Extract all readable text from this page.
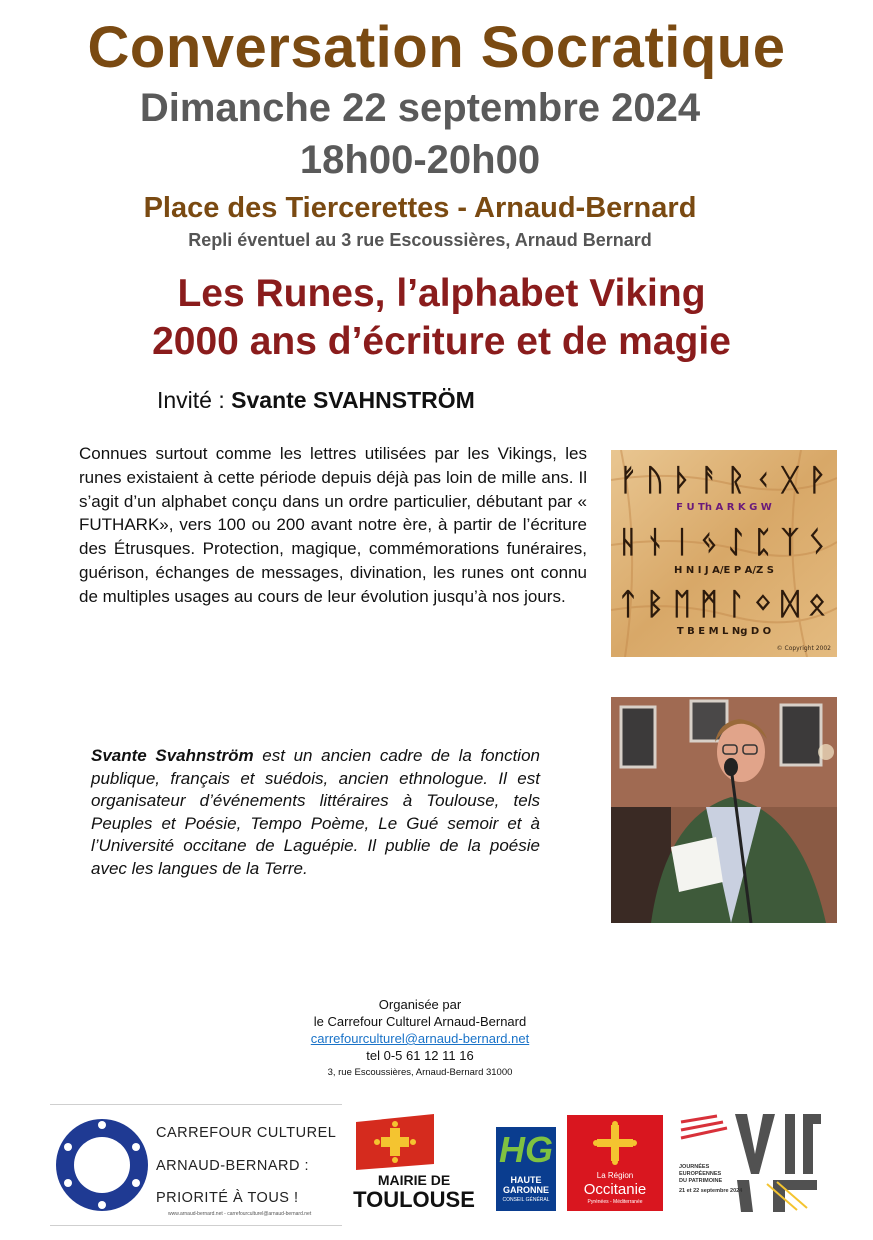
Conversation Socratique
Dimanche 22 septembre 2024
18h00-20h00
Place des Tiercerettes - Arnaud-Bernard
Repli éventuel au 3 rue Escoussières, Arnaud Bernard
Les Runes, l’alphabet Viking
2000 ans d’écriture et de magie
Invité : Svante SVAHNSTRÖM
Connues surtout comme les lettres utilisées par les Vikings, les runes existaient à cette période depuis déjà pas loin de mille ans. Il s’agit d’un alphabet conçu dans un ordre particulier, débutant par « FUTHARK», vers 100 ou 200 avant notre ère, à partir de l’écriture des Étrusques. Protection, magique, commémorations funéraires, guérison, échanges de messages, divination, les runes ont connu de multiples usages au cours de leur évolution jusqu’à nos jours.
Svante Svahnström est un ancien cadre de la fonction publique, français et suédois, ancien ethnologue. Il est organisateur d’événements littéraires à Toulouse, tels Peuples et Poésie, Tempo Poème, Le Gué semoir et à l’Université occitane de Laguépie. Il publie de la poésie avec les langues de la Terre.
ᚠ ᚢ ᚦ ᚨ ᚱ ᚲ ᚷ ᚹ
F U Th A R K G W
ᚺ ᚾ ᛁ ᛃ ᛇ ᛈ ᛉ ᛊ
H N I J A/E P A/Z S
ᛏ ᛒ ᛖ ᛗ ᛚ ᛜ ᛞ ᛟ
T B E M L Ng D O
© Copyright 2002
Organisée par
le Carrefour Culturel Arnaud-Bernard
carrefourculturel@arnaud-bernard.net
tel 0-5 61 12 11 16
3, rue Escoussières, Arnaud-Bernard 31000
CARREFOUR CULTUREL
ARNAUD-BERNARD :
PRIORITÉ À TOUS !
www.arnaud-bernard.net - carrefourculturel@arnaud-bernard.net
MAIRIE DE
TOULOUSE
HG
HAUTE
GARONNE
CONSEIL GÉNÉRAL
La Région
Occitanie
Pyrénées - Méditerranée
JOURNÉES
EUROPÉENNES
DU PATRIMOINE
21 et 22 septembre 2024
